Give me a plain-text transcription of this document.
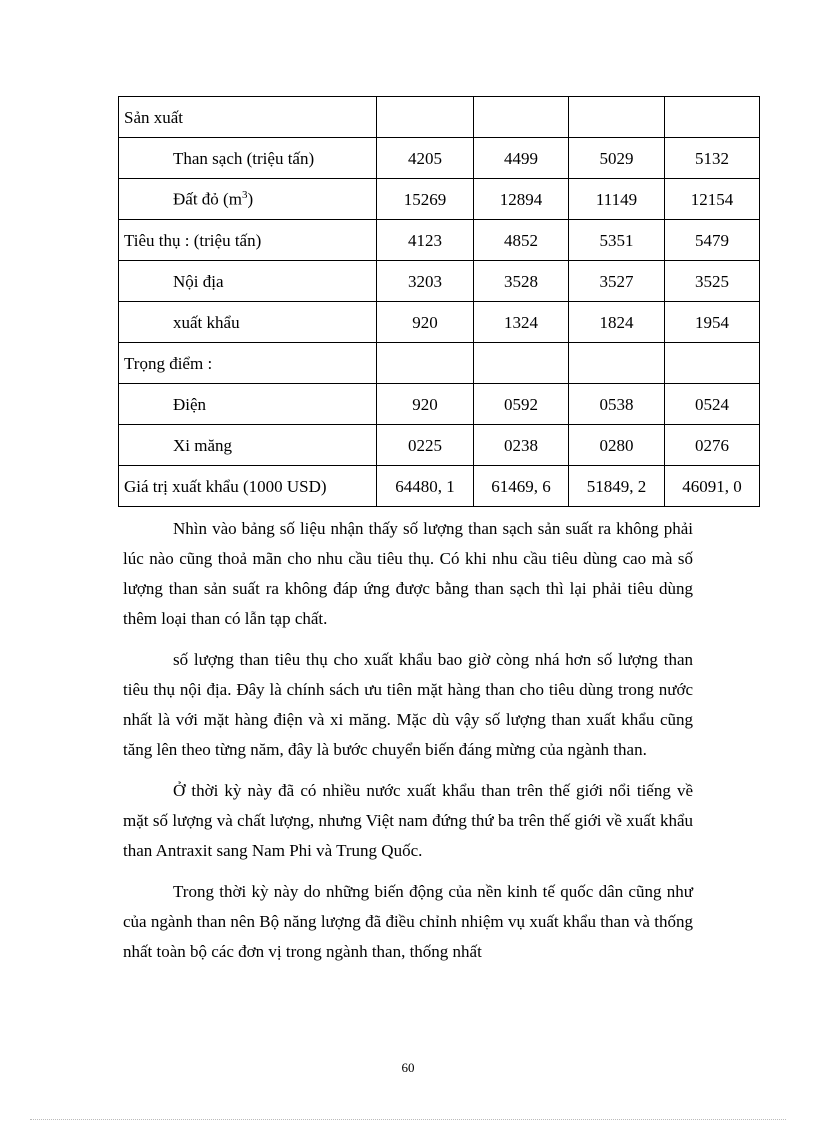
Sản xuất				
Than sạch (triệu tấn)	4205	4499	5029	5132
Đất đỏ $(m^3)$	15269	12894	11149	12154
Tiêu thụ : (triệu tấn)	4123	4852	5351	5479
Nội địa	3203	3528	3527	3525
xuất khẩu	920	1324	1824	1954
Trọng điểm :				
Điện	920	0592	0538	0524
Xi măng	0225	0238	0280	0276
Giá trị xuất khẩu (1000 USD)	64480, 1	61469, 6	51849, 2	46091, 0

Nhìn vào bảng số liệu nhận thấy số lượng than sạch sản suất ra không phải lúc nào cũng thoả mãn cho nhu cầu tiêu thụ. Có khi nhu cầu tiêu dùng cao mà số lượng than sản suất ra không đáp ứng được bằng than sạch thì lại phải tiêu dùng thêm loại than có lẫn tạp chất.

số lượng than tiêu thụ cho xuất khẩu bao giờ còng nhá hơn số lượng than tiêu thụ nội địa. Đây là chính sách ưu tiên mặt hàng than cho tiêu dùng trong nước nhất là với mặt hàng điện và xi măng. Mặc dù vậy số lượng than xuất khẩu cũng tăng lên theo từng năm, đây là bước chuyển biến đáng mừng của ngành than.

Ở thời kỳ này đã có nhiều nước xuất khẩu than trên thế giới nổi tiếng về mặt số lượng và chất lượng, nhưng Việt nam đứng thứ ba trên thế giới về xuất khẩu than Antraxit sang Nam Phi và Trung Quốc.

Trong thời kỳ này do những biến động của nền kinh tế quốc dân cũng như của ngành than nên Bộ năng lượng đã điều chỉnh nhiệm vụ xuất khẩu than và thống nhất toàn bộ các đơn vị trong ngành than, thống nhất

60
